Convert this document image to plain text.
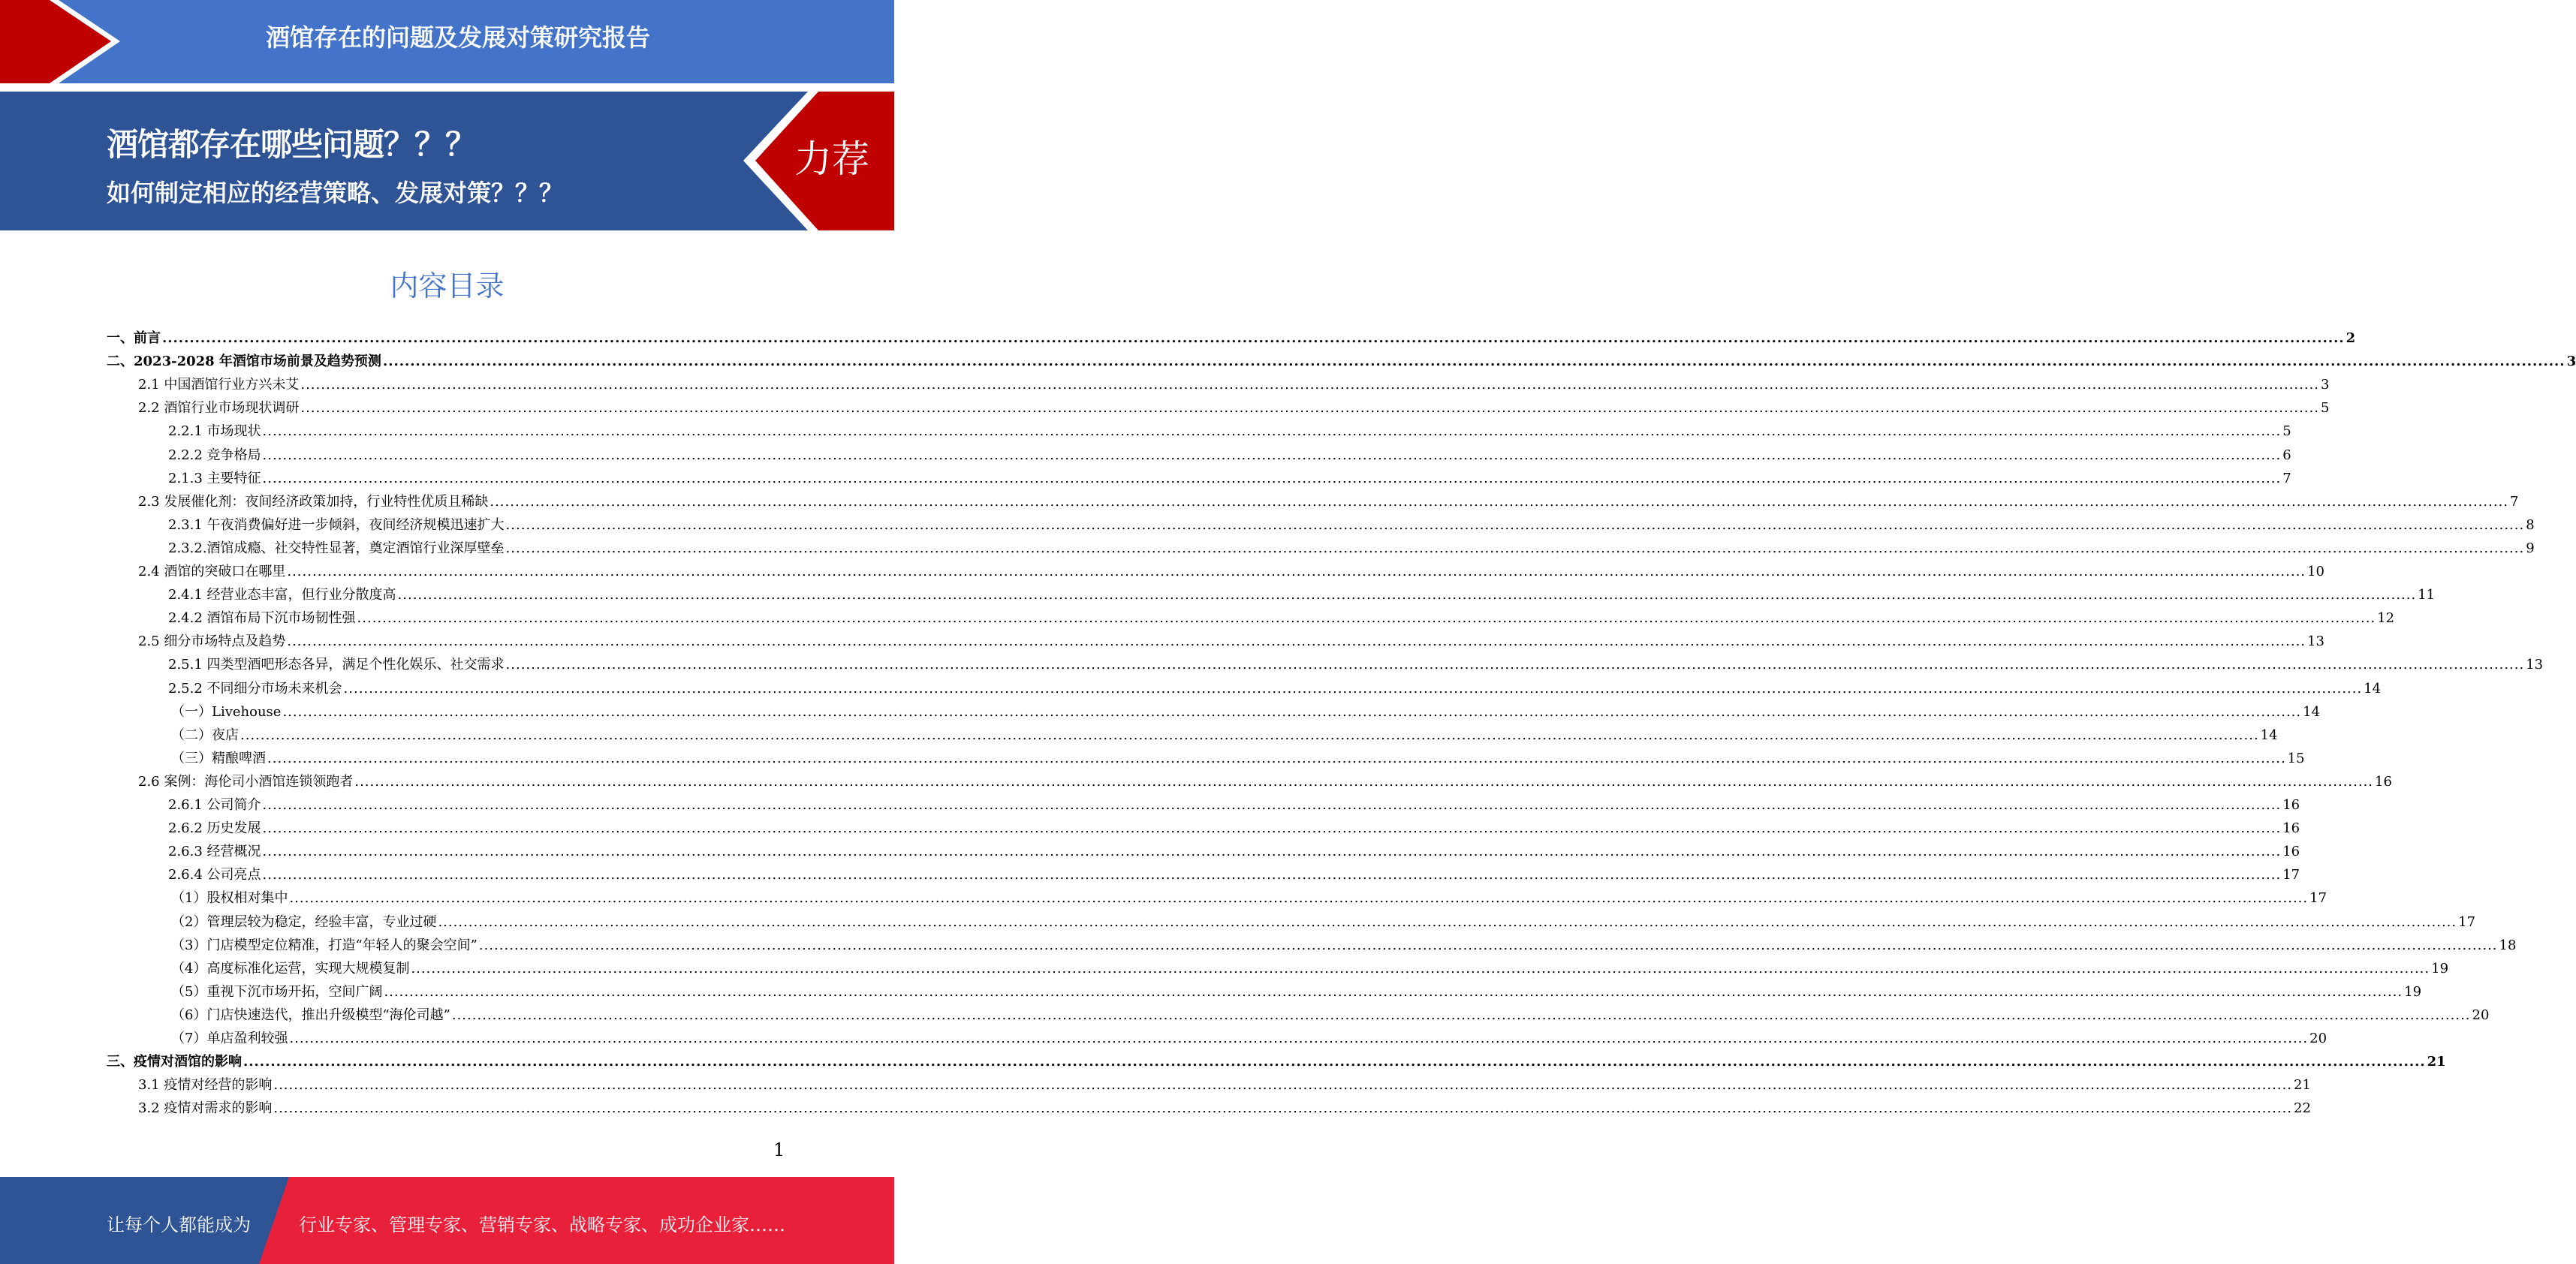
酒馆存在的问题及发展对策研究报告
酒馆都存在哪些问题？？？
如何制定相应的经营策略、发展对策？？？
力荐
内容目录
一、前言 ................................................................................................................................................................................................................................................................................................................................................................................................................ 2
二、2023-2028 年酒馆市场前景及趋势预测 ................................................................................................................................................................................................................................................................................................................................................................................................................ 3
2.1 中国酒馆行业方兴未艾 ................................................................................................................................................................................................................................................................................................................................................................................................................ 3
2.2 酒馆行业市场现状调研 ................................................................................................................................................................................................................................................................................................................................................................................................................ 5
2.2.1 市场现状 ................................................................................................................................................................................................................................................................................................................................................................................................................ 5
2.2.2 竞争格局 ................................................................................................................................................................................................................................................................................................................................................................................................................ 6
2.1.3 主要特征 ................................................................................................................................................................................................................................................................................................................................................................................................................ 7
2.3 发展催化剂：夜间经济政策加持，行业特性优质且稀缺 ................................................................................................................................................................................................................................................................................................................................................................................................................ 7
2.3.1 午夜消费偏好进一步倾斜，夜间经济规模迅速扩大 ................................................................................................................................................................................................................................................................................................................................................................................................................ 8
2.3.2.酒馆成瘾、社交特性显著，奠定酒馆行业深厚壁垒 ................................................................................................................................................................................................................................................................................................................................................................................................................ 9
2.4 酒馆的突破口在哪里 ................................................................................................................................................................................................................................................................................................................................................................................................................ 10
2.4.1 经营业态丰富，但行业分散度高 ................................................................................................................................................................................................................................................................................................................................................................................................................ 11
2.4.2 酒馆布局下沉市场韧性强 ................................................................................................................................................................................................................................................................................................................................................................................................................ 12
2.5 细分市场特点及趋势 ................................................................................................................................................................................................................................................................................................................................................................................................................ 13
2.5.1 四类型酒吧形态各异，满足个性化娱乐、社交需求 ................................................................................................................................................................................................................................................................................................................................................................................................................ 13
2.5.2 不同细分市场未来机会 ................................................................................................................................................................................................................................................................................................................................................................................................................ 14
（一）Livehouse ................................................................................................................................................................................................................................................................................................................................................................................................................ 14
（二）夜店 ................................................................................................................................................................................................................................................................................................................................................................................................................ 14
（三）精酿啤酒 ................................................................................................................................................................................................................................................................................................................................................................................................................ 15
2.6 案例：海伦司小酒馆连锁领跑者 ................................................................................................................................................................................................................................................................................................................................................................................................................ 16
2.6.1 公司简介 ................................................................................................................................................................................................................................................................................................................................................................................................................ 16
2.6.2 历史发展 ................................................................................................................................................................................................................................................................................................................................................................................................................ 16
2.6.3 经营概况 ................................................................................................................................................................................................................................................................................................................................................................................................................ 16
2.6.4 公司亮点 ................................................................................................................................................................................................................................................................................................................................................................................................................ 17
（1）股权相对集中 ................................................................................................................................................................................................................................................................................................................................................................................................................ 17
（2）管理层较为稳定，经验丰富，专业过硬 ................................................................................................................................................................................................................................................................................................................................................................................................................ 17
（3）门店模型定位精准，打造“年轻人的聚会空间” ................................................................................................................................................................................................................................................................................................................................................................................................................ 18
（4）高度标准化运营，实现大规模复制 ................................................................................................................................................................................................................................................................................................................................................................................................................ 19
（5）重视下沉市场开拓，空间广阔 ................................................................................................................................................................................................................................................................................................................................................................................................................ 19
（6）门店快速迭代，推出升级模型“海伦司越” ................................................................................................................................................................................................................................................................................................................................................................................................................ 20
（7）单店盈利较强 ................................................................................................................................................................................................................................................................................................................................................................................................................ 20
三、疫情对酒馆的影响 ................................................................................................................................................................................................................................................................................................................................................................................................................ 21
3.1 疫情对经营的影响 ................................................................................................................................................................................................................................................................................................................................................................................................................ 21
3.2 疫情对需求的影响 ................................................................................................................................................................................................................................................................................................................................................................................................................ 22
1
让每个人都能成为	行业专家、管理专家、营销专家、战略专家、成功企业家……
